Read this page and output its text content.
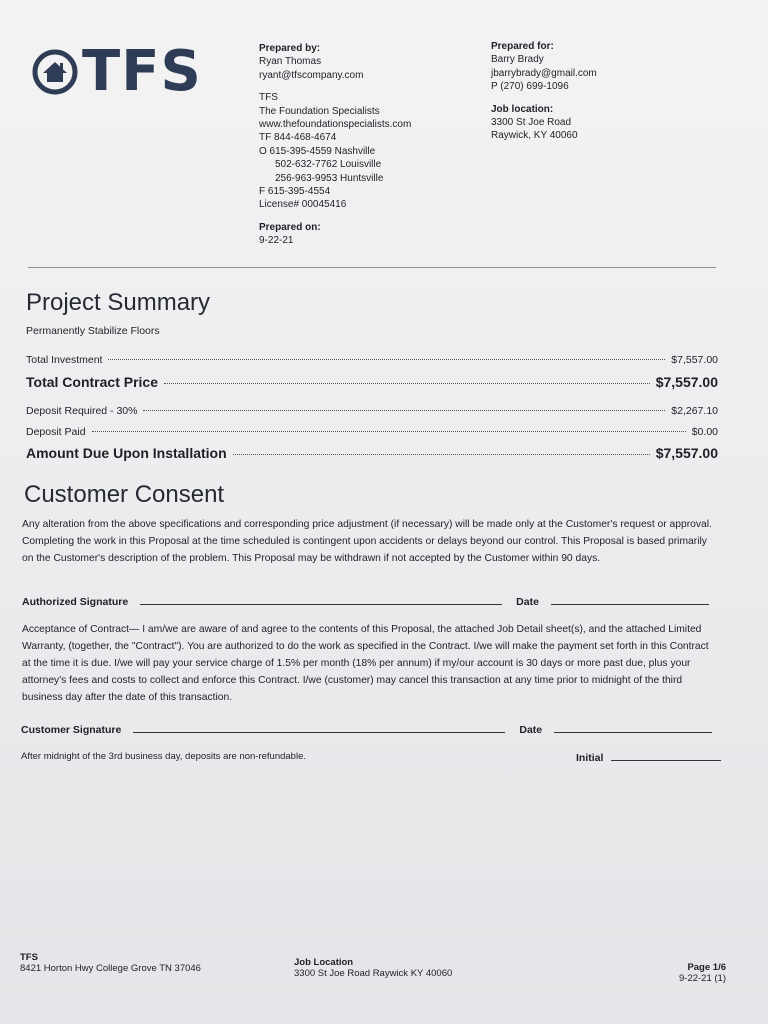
TFS	Prepared by:
Ryan Thomas
ryant@tfscompany.com
TFS
The Foundation Specialists
www.thefoundationspecialists.com
TF 844-468-4674
O 615-395-4559 Nashville
502-632-7762 Louisville
256-963-9953 Huntsville
F 615-395-4554
License# 00045416
Prepared on:
9-22-21
Prepared for:
Barry Brady
jbarrybrady@gmail.com
P (270) 699-1096
Job location:
3300 St Joe Road
Raywick, KY 40060
Project Summary
Permanently Stabilize Floors
Total Investment	$7,557.00
Total Contract Price	$7,557.00
Deposit Required - 30%	$2,267.10
Deposit Paid	$0.00
Amount Due Upon Installation	$7,557.00
Customer Consent
Any alteration from the above specifications and corresponding price adjustment (if necessary) will be made only at the Customer's request or approval. Completing the work in this Proposal at the time scheduled is contingent upon accidents or delays beyond our control. This Proposal is based primarily on the Customer's description of the problem. This Proposal may be withdrawn if not accepted by the Customer within 90 days.
Authorized Signature	Date
Acceptance of Contract— I am/we are aware of and agree to the contents of this Proposal, the attached Job Detail sheet(s), and the attached Limited Warranty, (together, the "Contract"). You are authorized to do the work as specified in the Contract. I/we will make the payment set forth in this Contract at the time it is due. I/we will pay your service charge of 1.5% per month (18% per annum) if my/our account is 30 days or more past due, plus your attorney's fees and costs to collect and enforce this Contract. I/we (customer) may cancel this transaction at any time prior to midnight of the third business day after the date of this transaction.
Customer Signature	Date
After midnight of the 3rd business day, deposits are non-refundable.	Initial
TFS
8421 Horton Hwy College Grove TN 37046
Job Location
3300 St Joe Road Raywick KY 40060
Page 1/6
9-22-21 (1)
